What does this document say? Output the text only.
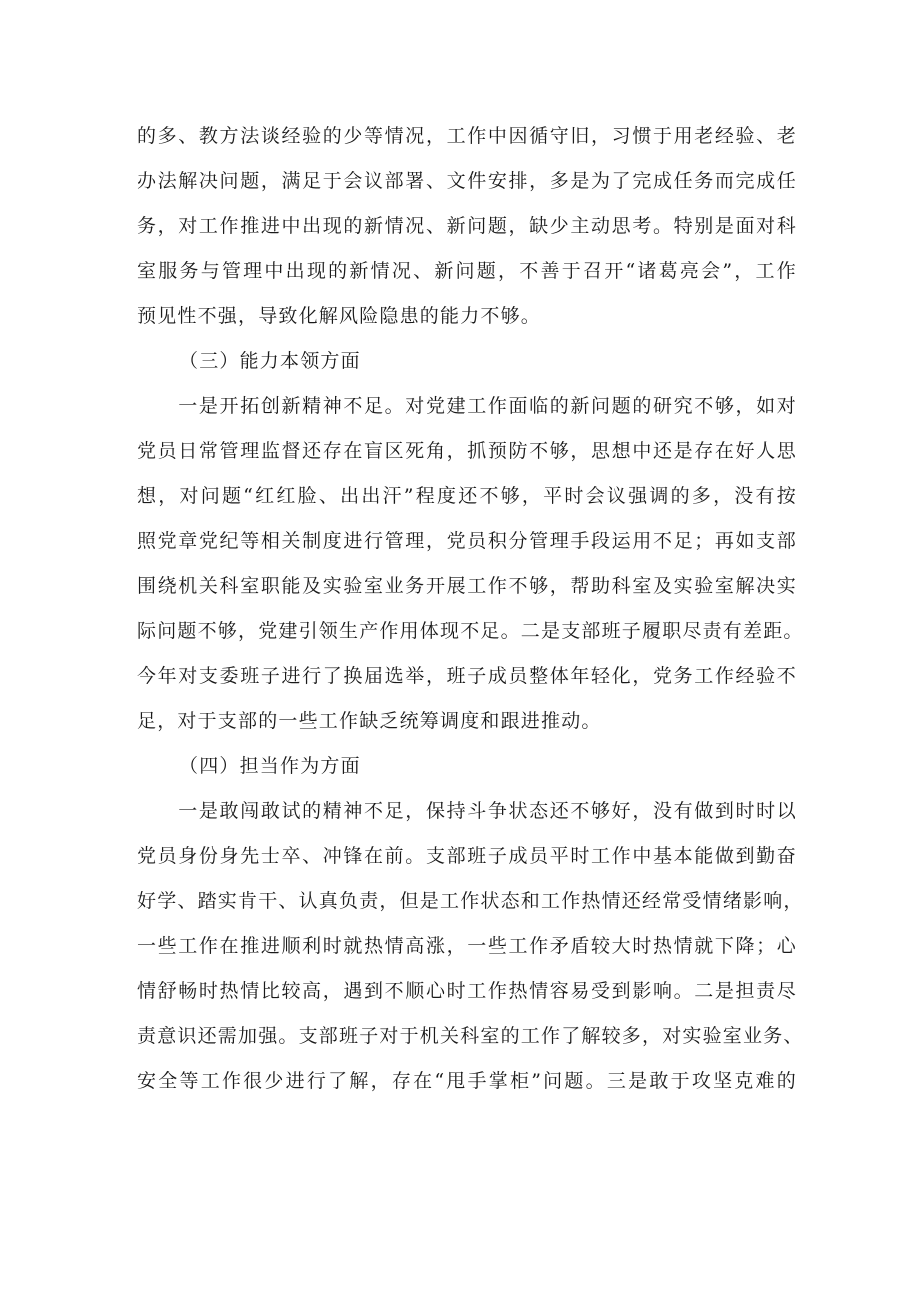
的多、教方法谈经验的少等情况，工作中因循守旧，习惯于用老经验、老
办法解决问题，满足于会议部署、文件安排，多是为了完成任务而完成任
务，对工作推进中出现的新情况、新问题，缺少主动思考。特别是面对科
室服务与管理中出现的新情况、新问题，不善于召开“诸葛亮会”，工作
预见性不强，导致化解风险隐患的能力不够。
（三）能力本领方面
　　一是开拓创新精神不足。对党建工作面临的新问题的研究不够，如对
党员日常管理监督还存在盲区死角，抓预防不够，思想中还是存在好人思
想，对问题“红红脸、出出汗”程度还不够，平时会议强调的多，没有按
照党章党纪等相关制度进行管理，党员积分管理手段运用不足；再如支部
围绕机关科室职能及实验室业务开展工作不够，帮助科室及实验室解决实
际问题不够，党建引领生产作用体现不足。二是支部班子履职尽责有差距。
今年对支委班子进行了换届选举，班子成员整体年轻化，党务工作经验不
足，对于支部的一些工作缺乏统筹调度和跟进推动。
（四）担当作为方面
　　一是敢闯敢试的精神不足，保持斗争状态还不够好，没有做到时时以
党员身份身先士卒、冲锋在前。支部班子成员平时工作中基本能做到勤奋
好学、踏实肯干、认真负责，但是工作状态和工作热情还经常受情绪影响，
一些工作在推进顺利时就热情高涨，一些工作矛盾较大时热情就下降；心
情舒畅时热情比较高，遇到不顺心时工作热情容易受到影响。二是担责尽
责意识还需加强。支部班子对于机关科室的工作了解较多，对实验室业务、
安全等工作很少进行了解，存在“甩手掌柜”问题。三是敢于攻坚克难的
